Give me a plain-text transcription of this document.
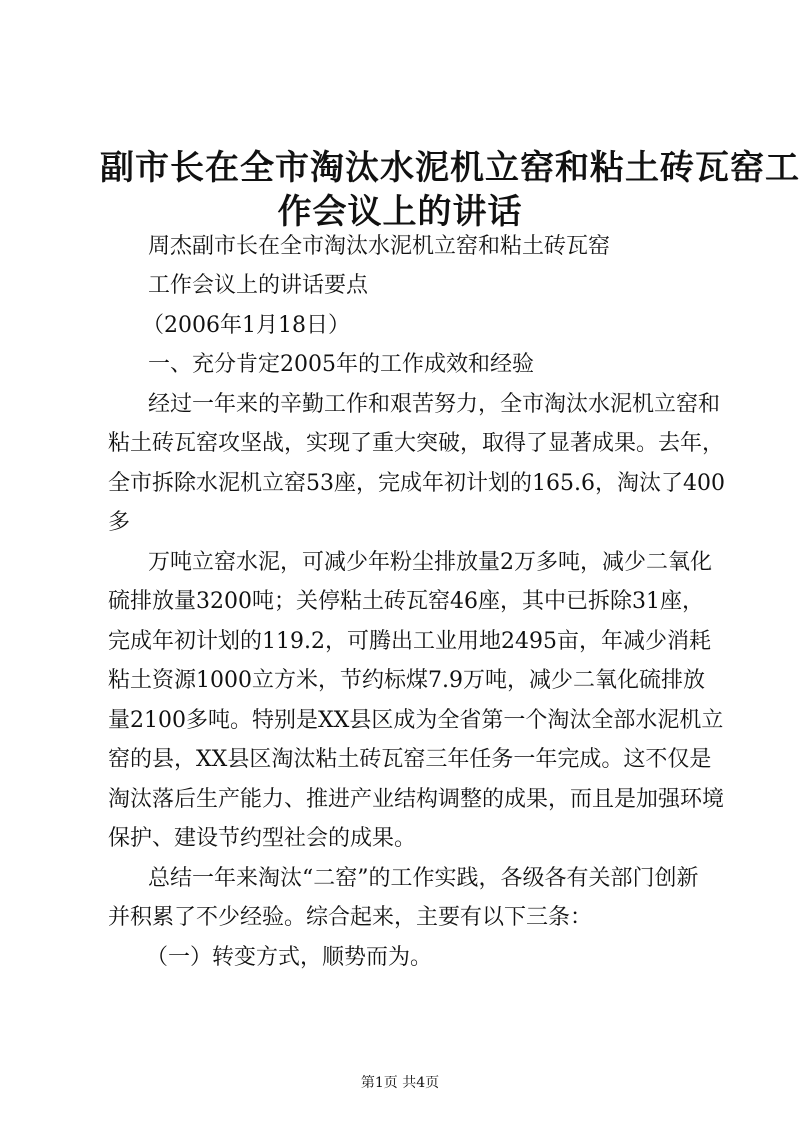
副市长在全市淘汰水泥机立窑和粘土砖瓦窑工
作会议上的讲话
周杰副市长在全市淘汰水泥机立窑和粘土砖瓦窑
工作会议上的讲话要点
（2006年1月18日）
一、充分肯定2005年的工作成效和经验
经过一年来的辛勤工作和艰苦努力，全市淘汰水泥机立窑和
粘土砖瓦窑攻坚战，实现了重大突破，取得了显著成果。去年，
全市拆除水泥机立窑53座，完成年初计划的165.6，淘汰了400
多
万吨立窑水泥，可减少年粉尘排放量2万多吨，减少二氧化
硫排放量3200吨；关停粘土砖瓦窑46座，其中已拆除31座，
完成年初计划的119.2，可腾出工业用地2495亩，年减少消耗
粘土资源1000立方米，节约标煤7.9万吨，减少二氧化硫排放
量2100多吨。特别是XX县区成为全省第一个淘汰全部水泥机立
窑的县，XX县区淘汰粘土砖瓦窑三年任务一年完成。这不仅是
淘汰落后生产能力、推进产业结构调整的成果，而且是加强环境
保护、建设节约型社会的成果。
总结一年来淘汰“二窑”的工作实践，各级各有关部门创新
并积累了不少经验。综合起来，主要有以下三条：
（一）转变方式，顺势而为。
第1页 共4页
